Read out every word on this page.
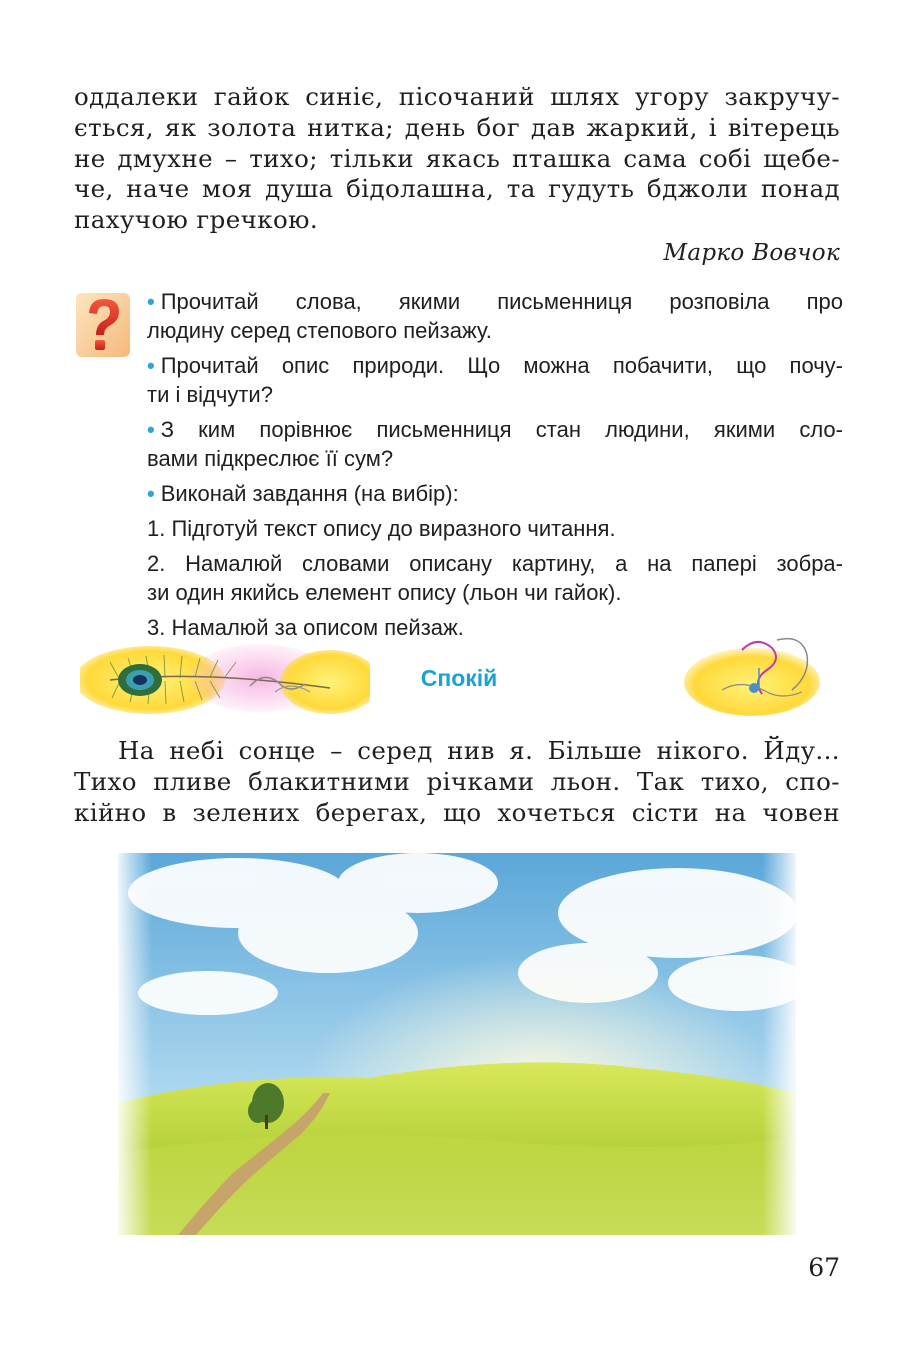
оддалеки гайок синіє, пісочаний шлях угору закручу-
ється, як золота нитка; день бог дав жаркий, і вітерець
не дмухне – тихо; тільки якась пташка сама собі щебе-
че, наче моя душа бідолашна, та гудуть бджоли понад
пахучою гречкою.
Марко Вовчок
• Прочитай слова, якими письменниця розповіла про
людину серед степового пейзажу.
• Прочитай опис природи. Що можна побачити, що почу-
ти і відчути?
• З ким порівнює письменниця стан людини, якими сло-
вами підкреслює її сум?
• Виконай завдання (на вибір):
1. Підготуй текст опису до виразного читання.
2. Намалюй словами описану картину, а на папері зобра-
зи один якийсь елемент опису (льон чи гайок).
3. Намалюй за описом пейзаж.
Спокій
На небі сонце – серед нив я. Більше нікого. Йду...
Тихо пливе блакитними річками льон. Так тихо, спо-
кійно в зелених берегах, що хочеться сісти на човен
67
